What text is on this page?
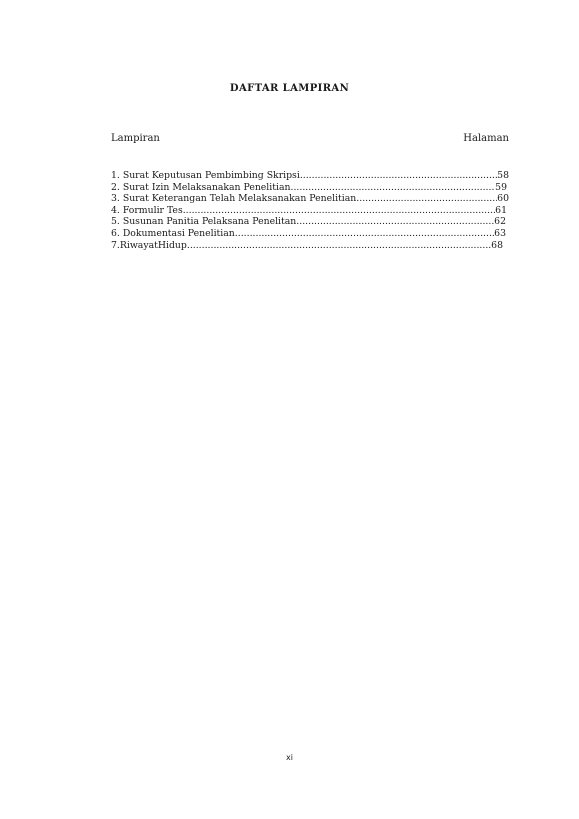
DAFTAR LAMPIRAN
Lampiran	Halaman
1. Surat Keputusan Pembimbing Skripsi .....	58
2. Surat Izin Melaksanakan Penelitian .....	59
3. Surat Keterangan Telah Melaksanakan Penelitian .....	60
4. Formulir Tes .....	61
5. Susunan Panitia Pelaksana Penelitan .....	62
6. Dokumentasi Penelitian .....	63
7.RiwayatHidup .....	68
xi
